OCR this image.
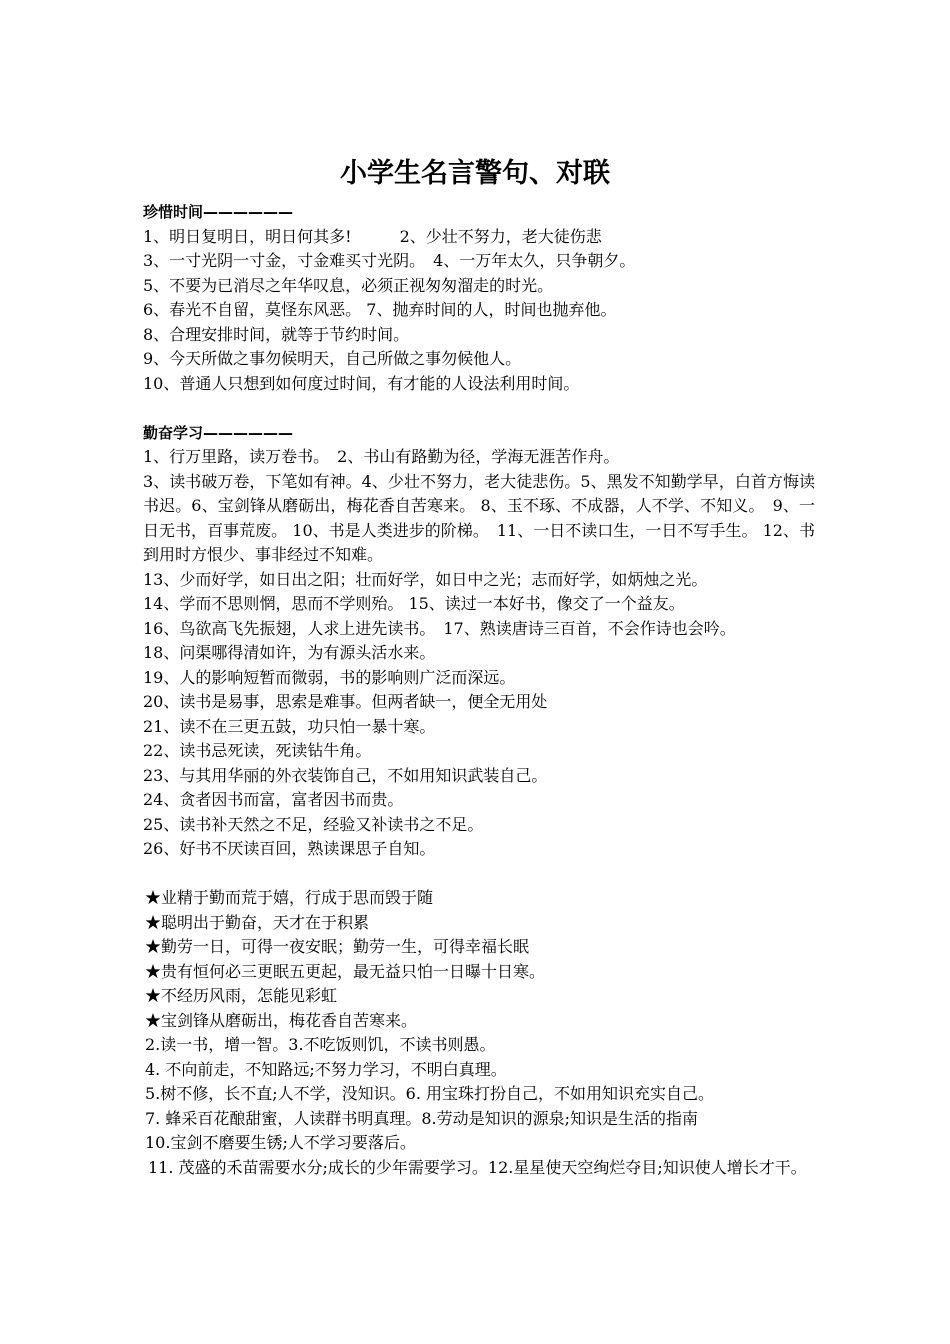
小学生名言警句、对联

珍惜时间——————

1、明日复明日，明日何其多!　　　2、少壮不努力，老大徒伤悲

3、一寸光阴一寸金，寸金难买寸光阴。　4、一万年太久，只争朝夕。

5、不要为已消尽之年华叹息，必须正视匆匆溜走的时光。

6、春光不自留，莫怪东风恶。 7、抛弃时间的人，时间也抛弃他。

8、合理安排时间，就等于节约时间。

9、今天所做之事勿候明天，自己所做之事勿候他人。

10、普通人只想到如何度过时间，有才能的人设法利用时间。

勤奋学习——————

1、行万里路，读万卷书。　2、书山有路勤为径，学海无涯苦作舟。

3、读书破万卷，下笔如有神。4、少壮不努力，老大徒悲伤。5、黑发不知勤学早，白首方悔读书迟。6、宝剑锋从磨砺出，梅花香自苦寒来。 8、玉不琢、不成器，人不学、不知义。　9、一日无书，百事荒废。 10、书是人类进步的阶梯。　11、一日不读口生，一日不写手生。 12、书到用时方恨少、事非经过不知难。

13、少而好学，如日出之阳；壮而好学，如日中之光；志而好学，如炳烛之光。

14、学而不思则惘，思而不学则殆。 15、读过一本好书，像交了一个益友。

16、鸟欲高飞先振翅，人求上进先读书。　17、熟读唐诗三百首，不会作诗也会吟。

18、问渠哪得清如许，为有源头活水来。

19、人的影响短暂而微弱，书的影响则广泛而深远。

20、读书是易事，思索是难事。但两者缺一，便全无用处

21、读不在三更五鼓，功只怕一暴十寒。

22、读书忌死读，死读钻牛角。

23、与其用华丽的外衣装饰自己，不如用知识武装自己。

24、贪者因书而富，富者因书而贵。

25、读书补天然之不足，经验又补读书之不足。

26、好书不厌读百回，熟读课思子自知。

★业精于勤而荒于嬉，行成于思而毁于随

★聪明出于勤奋，天才在于积累

★勤劳一日，可得一夜安眠；勤劳一生，可得幸福长眠

★贵有恒何必三更眠五更起，最无益只怕一日曝十日寒。

★不经历风雨，怎能见彩虹

★宝剑锋从磨砺出，梅花香自苦寒来。

2.读一书，增一智。3.不吃饭则饥，不读书则愚。

4. 不向前走，不知路远;不努力学习，不明白真理。

5.树不修，长不直;人不学，没知识。6. 用宝珠打扮自己，不如用知识充实自己。

7. 蜂采百花酿甜蜜，人读群书明真理。8.劳动是知识的源泉;知识是生活的指南

10.宝剑不磨要生锈;人不学习要落后。

　11. 茂盛的禾苗需要水分;成长的少年需要学习。12.星星使天空绚烂夺目;知识使人增长才干。
